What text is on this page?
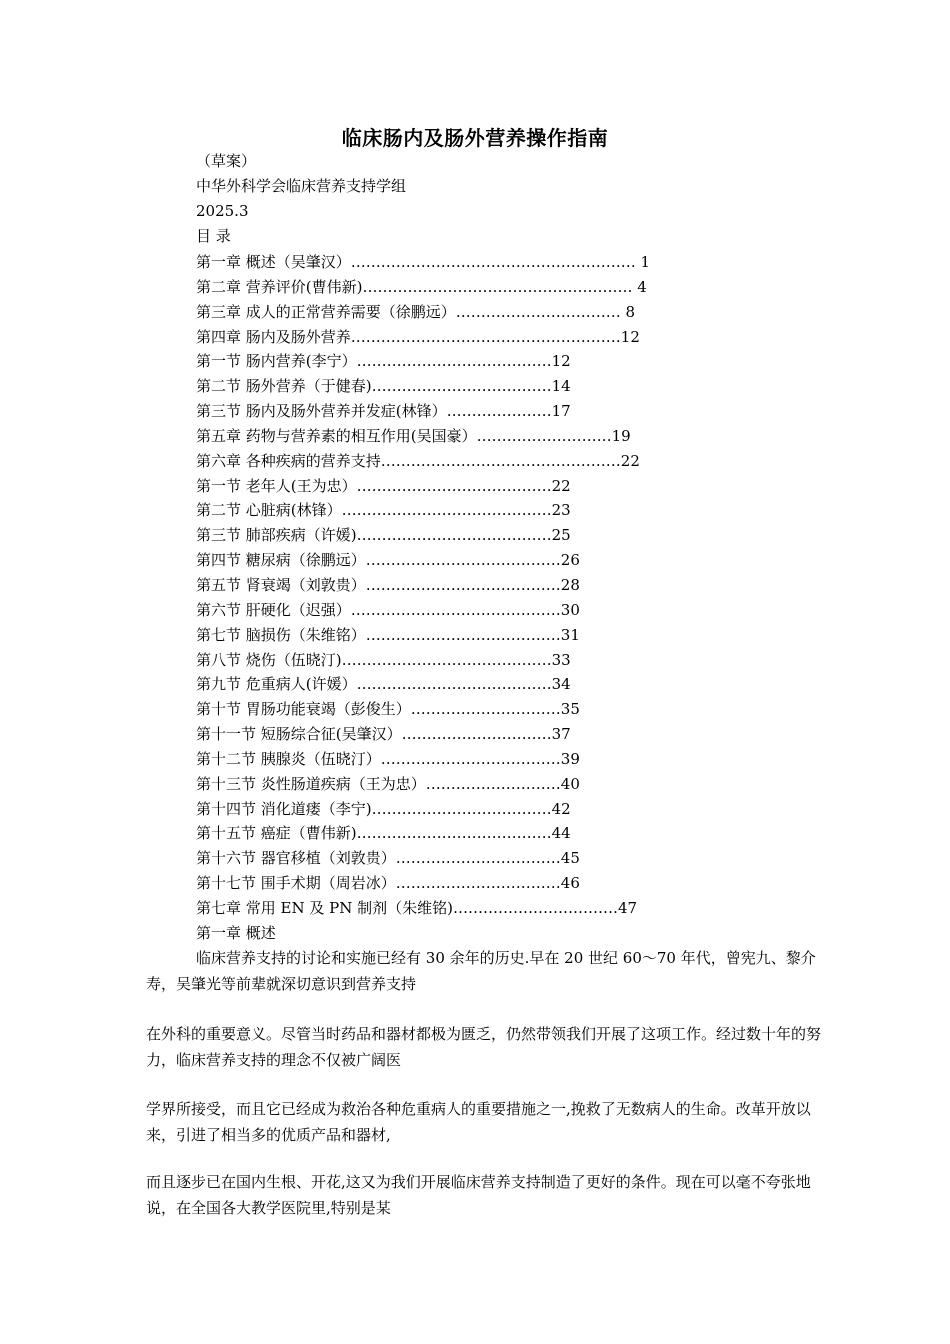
临床肠内及肠外营养操作指南
（草案）
中华外科学会临床营养支持学组
2025.3
目 录
第一章 概述（吴肇汉）………………………………………………… 1
第二章 营养评价(曹伟新)……………………………………………… 4
第三章 成人的正常营养需要（徐鹏远）…………………………… 8
第四章 肠内及肠外营养………………………………………………12
第一节 肠内营养(李宁）…………………………………12
第二节 肠外营养（于健春)………………………………14
第三节 肠内及肠外营养并发症(林锋）…………………17
第五章 药物与营养素的相互作用(吴国豪）………………………19
第六章 各种疾病的营养支持…………………………………………22
第一节 老年人(王为忠）…………………………………22
第二节 心脏病(林锋）……………………………………23
第三节 肺部疾病（许媛)…………………………………25
第四节 糖尿病（徐鹏远）…………………………………26
第五节 肾衰竭（刘敦贵）…………………………………28
第六节 肝硬化（迟强）……………………………………30
第七节 脑损伤（朱维铭）…………………………………31
第八节 烧伤（伍晓汀)……………………………………33
第九节 危重病人(许媛）…………………………………34
第十节 胃肠功能衰竭（彭俊生）…………………………35
第十一节 短肠综合征(吴肇汉）…………………………37
第十二节 胰腺炎（伍晓汀）………………………………39
第十三节 炎性肠道疾病（王为忠）………………………40
第十四节 消化道瘘（李宁)………………………………42
第十五节 癌症（曹伟新)…………………………………44
第十六节 器官移植（刘敦贵）……………………………45
第十七节 围手术期（周岩冰）……………………………46
第七章 常用 EN 及 PN 制剂（朱维铭)……………………………47
第一章 概述

临床营养支持的讨论和实施已经有 30 余年的历史.早在 20 世纪 60～70 年代，曾宪九、黎介寿，吴肇光等前辈就深切意识到营养支持

在外科的重要意义。尽管当时药品和器材都极为匮乏，仍然带领我们开展了这项工作。经过数十年的努力，临床营养支持的理念不仅被广阔医

学界所接受，而且它已经成为救治各种危重病人的重要措施之一,挽救了无数病人的生命。改革开放以来，引进了相当多的优质产品和器材,

而且逐步已在国内生根、开花,这又为我们开展临床营养支持制造了更好的条件。现在可以毫不夸张地说，在全国各大教学医院里,特别是某
